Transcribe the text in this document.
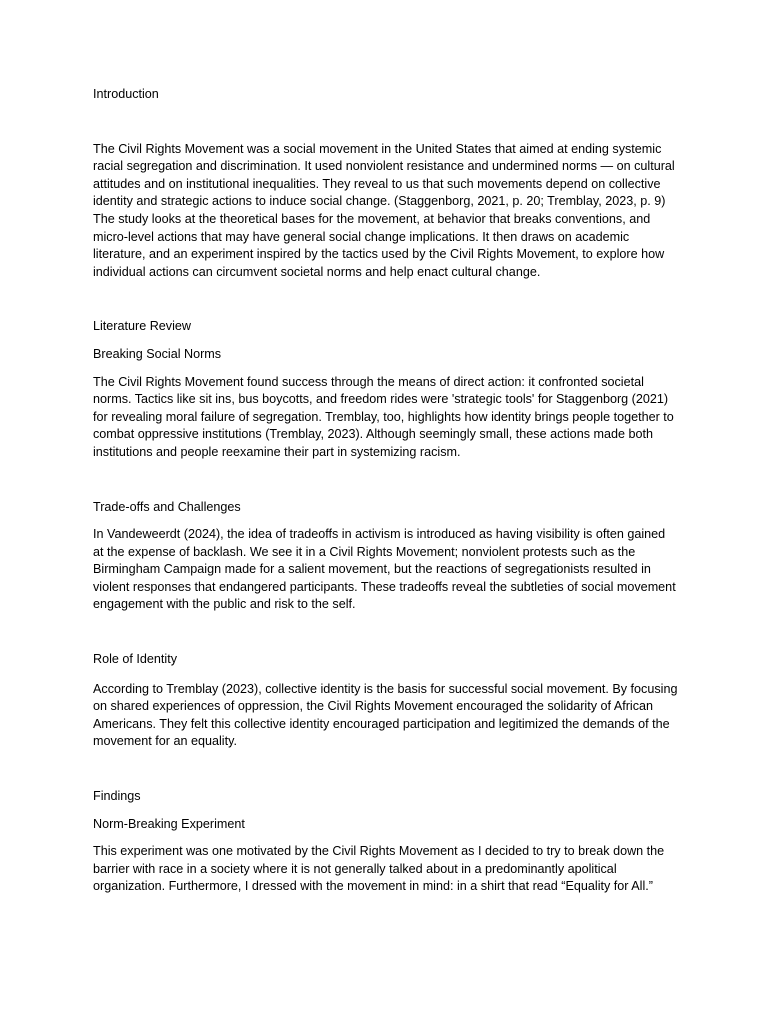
Introduction

The Civil Rights Movement was a social movement in the United States that aimed at ending systemic racial segregation and discrimination. It used nonviolent resistance and undermined norms — on cultural attitudes and on institutional inequalities. They reveal to us that such movements depend on collective identity and strategic actions to induce social change. (Staggenborg, 2021, p. 20; Tremblay, 2023, p. 9) The study looks at the theoretical bases for the movement, at behavior that breaks conventions, and micro-level actions that may have general social change implications. It then draws on academic literature, and an experiment inspired by the tactics used by the Civil Rights Movement, to explore how individual actions can circumvent societal norms and help enact cultural change.

Literature Review

Breaking Social Norms

The Civil Rights Movement found success through the means of direct action: it confronted societal norms. Tactics like sit ins, bus boycotts, and freedom rides were 'strategic tools' for Staggenborg (2021) for revealing moral failure of segregation. Tremblay, too, highlights how identity brings people together to combat oppressive institutions (Tremblay, 2023). Although seemingly small, these actions made both institutions and people reexamine their part in systemizing racism.

Trade-offs and Challenges

In Vandeweerdt (2024), the idea of tradeoffs in activism is introduced as having visibility is often gained at the expense of backlash. We see it in a Civil Rights Movement; nonviolent protests such as the Birmingham Campaign made for a salient movement, but the reactions of segregationists resulted in violent responses that endangered participants. These tradeoffs reveal the subtleties of social movement engagement with the public and risk to the self.

Role of Identity

According to Tremblay (2023), collective identity is the basis for successful social movement. By focusing on shared experiences of oppression, the Civil Rights Movement encouraged the solidarity of African Americans. They felt this collective identity encouraged participation and legitimized the demands of the movement for an equality.

Findings

Norm-Breaking Experiment

This experiment was one motivated by the Civil Rights Movement as I decided to try to break down the barrier with race in a society where it is not generally talked about in a predominantly apolitical organization. Furthermore, I dressed with the movement in mind: in a shirt that read “Equality for All.”
